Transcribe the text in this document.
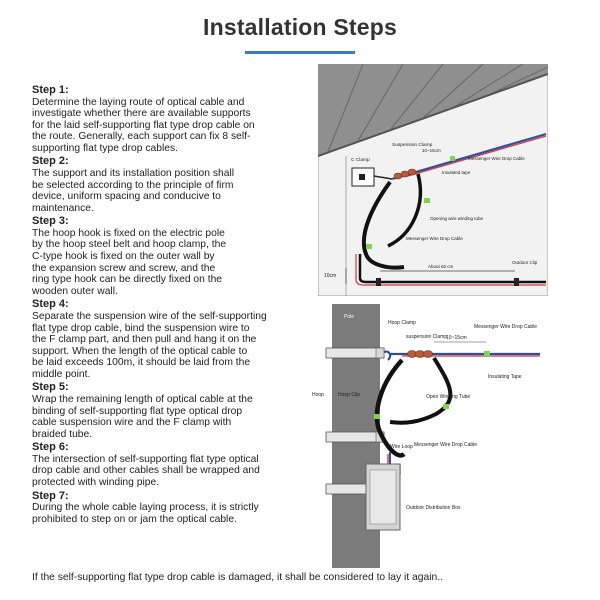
Installation Steps
Step 1:
Determine the laying route of optical cable and
investigate whether there are available supports
for the laid self-supporting flat type drop cable on
the route. Generally, each support can fix 8 self-
supporting flat type drop cables.
Step 2:
The support and its installation position shall
be selected according to the principle of firm
device, uniform spacing and conducive to
maintenance.
Step 3:
The hoop hook is fixed on the electric pole
by the hoop steel belt and hoop clamp, the
C-type hook is fixed on the outer wall by
the expansion screw and screw, and the
ring type hook can be directly fixed on the
wooden outer wall.
Step 4:
Separate the suspension wire of the self-supporting
flat type drop cable, bind the suspension wire to
the F clamp part, and then pull and hang it on the
support. When the length of the optical cable to
be laid exceeds 100m, it should be laid from the
middle point.
Step 5:
Wrap the remaining length of optical cable at the
binding of self-supporting flat type optical drop
cable suspension wire and the F clamp with
braided tube.
Step 6:
The intersection of self-supporting flat type optical
drop cable and other cables shall be wrapped and
protected with winding pipe.
Step 7:
During the whole cable laying process, it is strictly
prohibited to step on or jam the optical cable.
If the self-supporting flat type drop cable is damaged, it shall be considered to lay it again..
Suspension Clamp
C Clamp
10~15cm
Messenger Wire Drop Cable
Insulated tape
Opening wire winding tube
Messenger Wire Drop Cable
10cm
About 60 cm
Outdoor Clip
Pole
Hoop Clamp
suspension Clamp
Messenger Wire Drop Cable
10~15cm
Insulating Tape
Hoop	Hoop Clip	Open Winding Tube
Messenger Wire Drop Cable
Wire Loop
Outdoor Distribution Box
